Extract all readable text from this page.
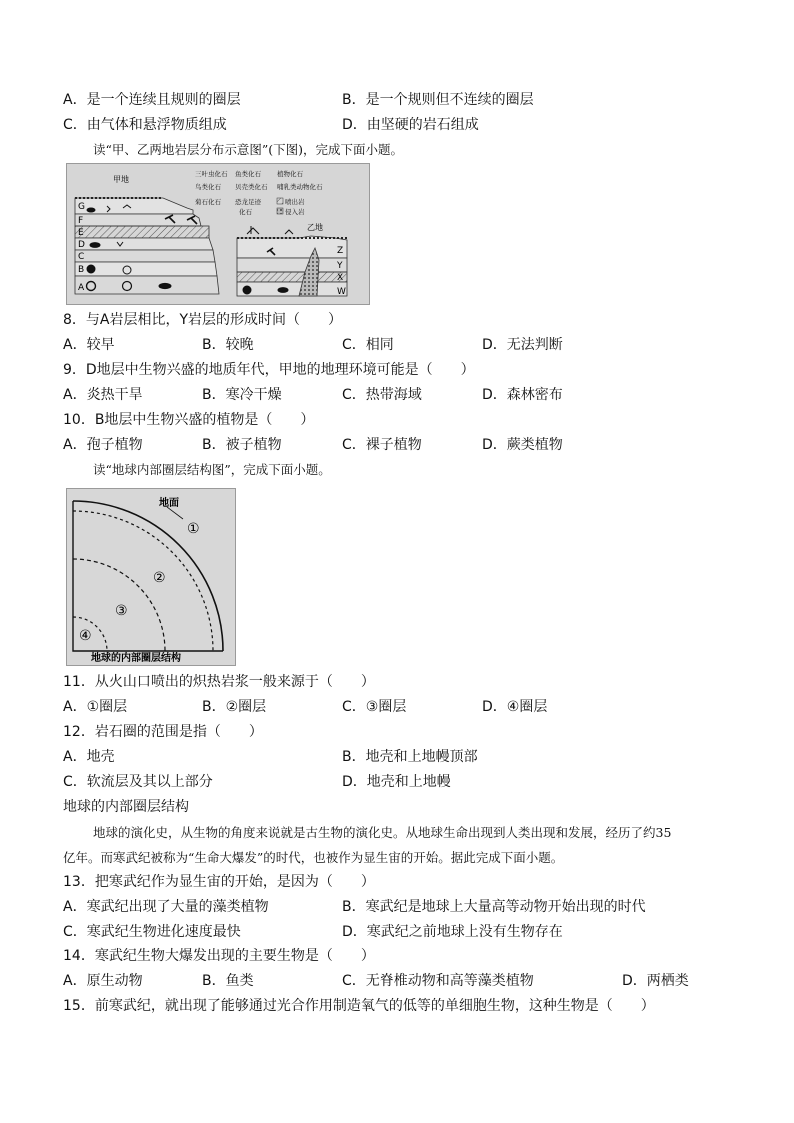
A．是一个连续且规则的圈层	B．是一个规则但不连续的圈层
C．由气体和悬浮物质组成	D．由坚硬的岩石组成
读“甲、乙两地岩层分布示意图”(下图)，完成下面小题。
甲地
乙地
G
F
E
D
C
B
A
Z
Y
X
W
三叶虫化石 鱼类化石 植物化石
鸟类化石 贝壳类化石 哺乳类动物化石
菊石化石 恐龙足迹
化石
喷出岩
侵入岩
8．与A岩层相比，Y岩层的形成时间（　　）
A．较早	B．较晚	C．相同	D．无法判断
9．D地层中生物兴盛的地质年代，甲地的地理环境可能是（　　）
A．炎热干旱	B．寒冷干燥	C．热带海域	D．森林密布
10．B地层中生物兴盛的植物是（　　）
A．孢子植物	B．被子植物	C．裸子植物	D．蕨类植物
读“地球内部圈层结构图”，完成下面小题。
地面
①
②
③
④
地球的内部圈层结构
11．从火山口喷出的炽热岩浆一般来源于（　　）
A．①圈层	B．②圈层	C．③圈层	D．④圈层
12．岩石圈的范围是指（　　）
A．地壳	B．地壳和上地幔顶部
C．软流层及其以上部分	D．地壳和上地幔
地球的内部圈层结构
地球的演化史，从生物的角度来说就是古生物的演化史。从地球生命出现到人类出现和发展，经历了约35
亿年。而寒武纪被称为“生命大爆发”的时代，也被作为显生宙的开始。据此完成下面小题。
13．把寒武纪作为显生宙的开始，是因为（　　）
A．寒武纪出现了大量的藻类植物	B．寒武纪是地球上大量高等动物开始出现的时代
C．寒武纪生物进化速度最快	D．寒武纪之前地球上没有生物存在
14．寒武纪生物大爆发出现的主要生物是（　　）
A．原生动物	B．鱼类	C．无脊椎动物和高等藻类植物	D．两栖类
15．前寒武纪，就出现了能够通过光合作用制造氧气的低等的单细胞生物，这种生物是（　　）
